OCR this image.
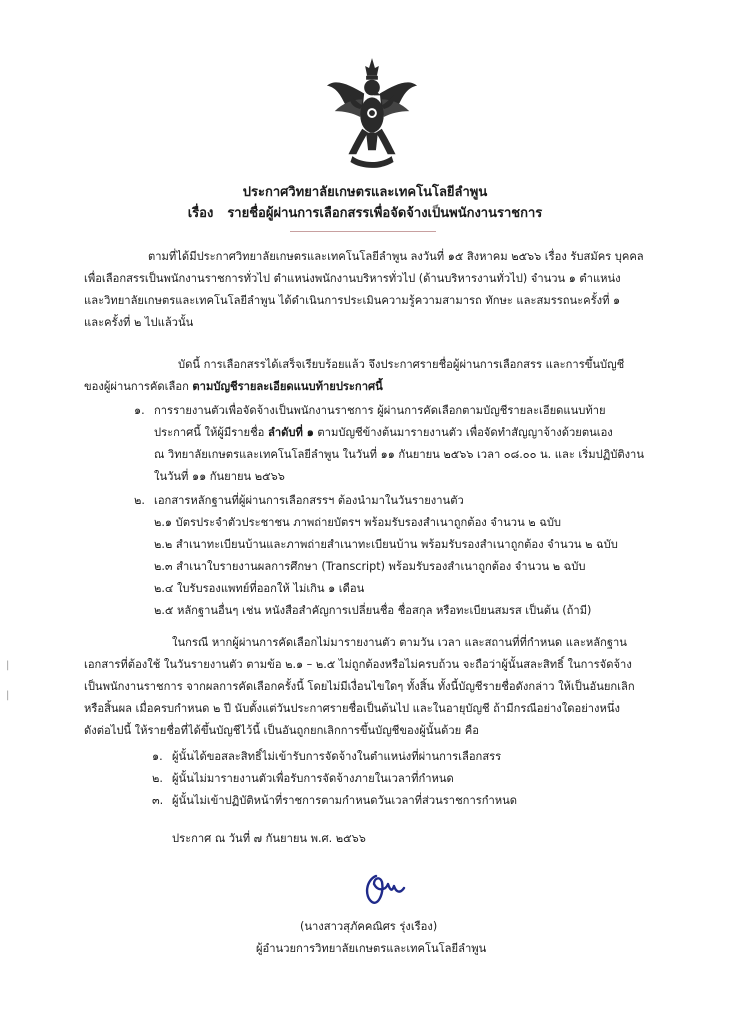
ประกาศวิทยาลัยเกษตรและเทคโนโลยีลำพูน
เรื่อง รายชื่อผู้ผ่านการเลือกสรรเพื่อจัดจ้างเป็นพนักงานราชการ
ตามที่ได้มีประกาศวิทยาลัยเกษตรและเทคโนโลยีลำพูน ลงวันที่ ๑๕ สิงหาคม ๒๕๖๖ เรื่อง รับสมัคร บุคคล
เพื่อเลือกสรรเป็นพนักงานราชการทั่วไป ตำแหน่งพนักงานบริหารทั่วไป (ด้านบริหารงานทั่วไป) จำนวน ๑ ตำแหน่ง
และวิทยาลัยเกษตรและเทคโนโลยีลำพูน ได้ดำเนินการประเมินความรู้ความสามารถ ทักษะ และสมรรถนะครั้งที่ ๑
และครั้งที่ ๒ ไปแล้วนั้น
บัดนี้ การเลือกสรรได้เสร็จเรียบร้อยแล้ว จึงประกาศรายชื่อผู้ผ่านการเลือกสรร และการขึ้นบัญชี
ของผู้ผ่านการคัดเลือก ตามบัญชีรายละเอียดแนบท้ายประกาศนี้
๑. การรายงานตัวเพื่อจัดจ้างเป็นพนักงานราชการ ผู้ผ่านการคัดเลือกตามบัญชีรายละเอียดแนบท้าย
ประกาศนี้ ให้ผู้มีรายชื่อ ลำดับที่ ๑ ตามบัญชีข้างต้นมารายงานตัว เพื่อจัดทำสัญญาจ้างด้วยตนเอง
ณ วิทยาลัยเกษตรและเทคโนโลยีลำพูน ในวันที่ ๑๑ กันยายน ๒๕๖๖ เวลา ๐๘.๐๐ น. และ เริ่มปฏิบัติงาน
ในวันที่ ๑๑ กันยายน ๒๕๖๖
๒. เอกสารหลักฐานที่ผู้ผ่านการเลือกสรรฯ ต้องนำมาในวันรายงานตัว
๒.๑ บัตรประจำตัวประชาชน ภาพถ่ายบัตรฯ พร้อมรับรองสำเนาถูกต้อง จำนวน ๒ ฉบับ
๒.๒ สำเนาทะเบียนบ้านและภาพถ่ายสำเนาทะเบียนบ้าน พร้อมรับรองสำเนาถูกต้อง จำนวน ๒ ฉบับ
๒.๓ สำเนาใบรายงานผลการศึกษา (Transcript) พร้อมรับรองสำเนาถูกต้อง จำนวน ๒ ฉบับ
๒.๔ ใบรับรองแพทย์ที่ออกให้ ไม่เกิน ๑ เดือน
๒.๕ หลักฐานอื่นๆ เช่น หนังสือสำคัญการเปลี่ยนชื่อ ชื่อสกุล หรือทะเบียนสมรส เป็นต้น (ถ้ามี)
ในกรณี หากผู้ผ่านการคัดเลือกไม่มารายงานตัว ตามวัน เวลา และสถานที่ที่กำหนด และหลักฐาน
เอกสารที่ต้องใช้ ในวันรายงานตัว ตามข้อ ๒.๑ – ๒.๕ ไม่ถูกต้องหรือไม่ครบถ้วน จะถือว่าผู้นั้นสละสิทธิ์ ในการจัดจ้าง
เป็นพนักงานราชการ จากผลการคัดเลือกครั้งนี้ โดยไม่มีเงื่อนไขใดๆ ทั้งสิ้น ทั้งนี้บัญชีรายชื่อดังกล่าว ให้เป็นอันยกเลิก
หรือสิ้นผล เมื่อครบกำหนด ๒ ปี นับตั้งแต่วันประกาศรายชื่อเป็นต้นไป และในอายุบัญชี ถ้ามีกรณีอย่างใดอย่างหนึ่ง
ดังต่อไปนี้ ให้รายชื่อที่ได้ขึ้นบัญชีไว้นี้ เป็นอันถูกยกเลิกการขึ้นบัญชีของผู้นั้นด้วย คือ
๑. ผู้นั้นได้ขอสละสิทธิ์ไม่เข้ารับการจัดจ้างในตำแหน่งที่ผ่านการเลือกสรร
๒. ผู้นั้นไม่มารายงานตัวเพื่อรับการจัดจ้างภายในเวลาที่กำหนด
๓. ผู้นั้นไม่เข้าปฏิบัติหน้าที่ราชการตามกำหนดวันเวลาที่ส่วนราชการกำหนด
ประกาศ ณ วันที่ ๗ กันยายน พ.ศ. ๒๕๖๖
(นางสาวสุภัคคณิศร รุ่งเรือง)
ผู้อำนวยการวิทยาลัยเกษตรและเทคโนโลยีลำพูน
|
|
